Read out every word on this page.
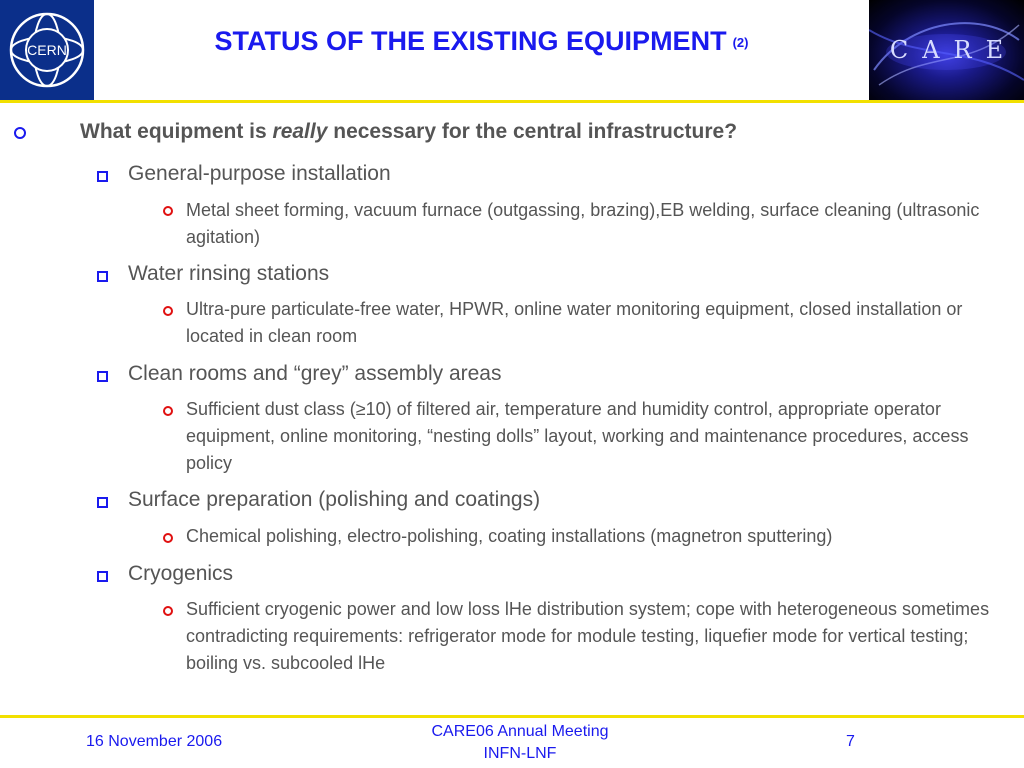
CERN	STATUS OF THE EXISTING EQUIPMENT $^{(2)}$	CARE
What equipment is really necessary for the central infrastructure?
General-purpose installation
Metal sheet forming, vacuum furnace (outgassing, brazing),EB welding, surface cleaning (ultrasonic agitation)
Water rinsing stations
Ultra-pure particulate-free water, HPWR, online water monitoring equipment, closed installation or located in clean room
Clean rooms and “grey” assembly areas
Sufficient dust class (≥10) of filtered air, temperature and humidity control, appropriate operator equipment, online monitoring, “nesting dolls” layout, working and maintenance procedures, access policy
Surface preparation (polishing and coatings)
Chemical polishing, electro-polishing, coating installations (magnetron sputtering)
Cryogenics
Sufficient cryogenic power and low loss lHe distribution system; cope with heterogeneous sometimes contradicting requirements: refrigerator mode for module testing, liquefier mode for vertical testing; boiling vs. subcooled lHe
16 November 2006
CARE06 Annual Meeting
INFN-LNF
7
